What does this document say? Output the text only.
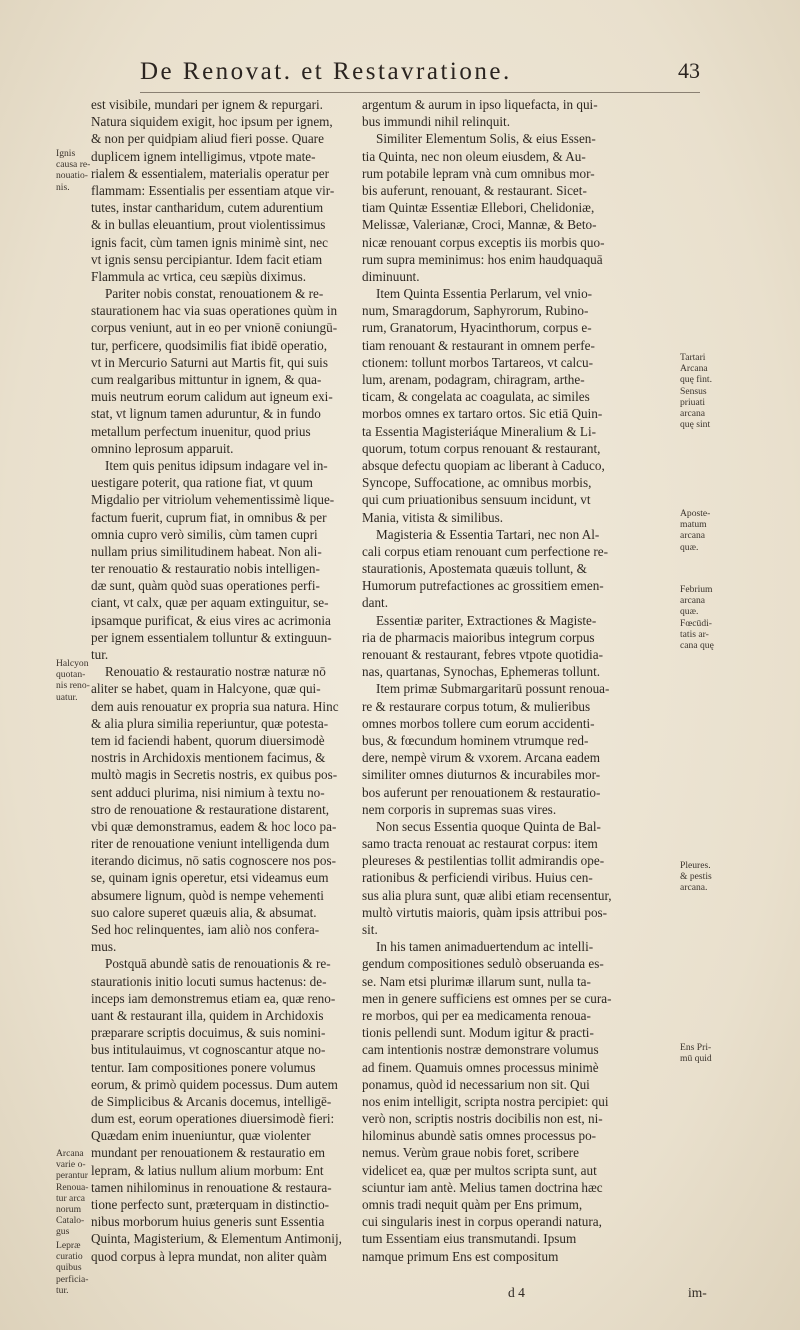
De Renovat. et Restavratione.	43
est visibile, mundari per ignem & repurgari.
Natura siquidem exigit, hoc ipsum per ignem,
& non per quidpiam aliud fieri posse. Quare
duplicem ignem intelligimus, vtpote mate-
rialem & essentialem, materialis operatur per
flammam: Essentialis per essentiam atque vir-
tutes, instar cantharidum, cutem adurentium
& in bullas eleuantium, prout violentissimus
ignis facit, cùm tamen ignis minimè sint, nec
vt ignis sensu percipiantur. Idem facit etiam
Flammula ac vrtica, ceu sæpiùs diximus.
Pariter nobis constat, renouationem & re-
staurationem hac via suas operationes quùm in
corpus veniunt, aut in eo per vnionē coniungū-
tur, perficere, quodsimilis fiat ibidē operatio,
vt in Mercurio Saturni aut Martis fit, qui suis
cum realgaribus mittuntur in ignem, & qua-
muis neutrum eorum calidum aut igneum exi-
stat, vt lignum tamen aduruntur, & in fundo
metallum perfectum inuenitur, quod prius
omnino leprosum apparuit.
Item quis penitus idipsum indagare vel in-
uestigare poterit, qua ratione fiat, vt quum
Migdalio per vitriolum vehementissimè lique-
factum fuerit, cuprum fiat, in omnibus & per
omnia cupro verò similis, cùm tamen cupri
nullam prius similitudinem habeat. Non ali-
ter renouatio & restauratio nobis intelligen-
dæ sunt, quàm quòd suas operationes perfi-
ciant, vt calx, quæ per aquam extinguitur, se-
ipsamque purificat, & eius vires ac acrimonia
per ignem essentialem tolluntur & extinguun-
tur.
Renouatio & restauratio nostræ naturæ nō
aliter se habet, quam in Halcyone, quæ qui-
dem auis renouatur ex propria sua natura. Hinc
& alia plura similia reperiuntur, quæ potesta-
tem id faciendi habent, quorum diuersimodè
nostris in Archidoxis mentionem facimus, &
multò magis in Secretis nostris, ex quibus pos-
sent adduci plurima, nisi nimium à textu no-
stro de renouatione & restauratione distarent,
vbi quæ demonstramus, eadem & hoc loco pa-
riter de renouatione veniunt intelligenda dum
iterando dicimus, nō satis cognoscere nos pos-
se, quinam ignis operetur, etsi videamus eum
absumere lignum, quòd is nempe vehementi
suo calore superet quæuis alia, & absumat.
Sed hoc relinquentes, iam aliò nos confera-
mus.
Postquā abundè satis de renouationis & re-
staurationis initio locuti sumus hactenus: de-
inceps iam demonstremus etiam ea, quæ reno-
uant & restaurant illa, quidem in Archidoxis
præparare scriptis docuimus, & suis nomini-
bus intitulauimus, vt cognoscantur atque no-
tentur. Iam compositiones ponere volumus
eorum, & primò quidem pocessus. Dum autem
de Simplicibus & Arcanis docemus, intelligē-
dum est, eorum operationes diuersimodè fieri:
Quædam enim inueniuntur, quæ violenter
mundant per renouationem & restauratio em
lepram, & latius nullum alium morbum: Ent
tamen nihilominus in renouatione & restaura-
tione perfecto sunt, præterquam in distinctio-
nibus morborum huius generis sunt Essentia
Quinta, Magisterium, & Elementum Antimonij,
quod corpus à lepra mundat, non aliter quàm
argentum & aurum in ipso liquefacta, in qui-
bus immundi nihil relinquit.
Similiter Elementum Solis, & eius Essen-
tia Quinta, nec non oleum eiusdem, & Au-
rum potabile lepram vnà cum omnibus mor-
bis auferunt, renouant, & restaurant. Sicet-
tiam Quintæ Essentiæ Ellebori, Chelidoniæ,
Melissæ, Valerianæ, Croci, Mannæ, & Beto-
nicæ renouant corpus exceptis iis morbis quo-
rum supra meminimus: hos enim haudquaquā
diminuunt.
Item Quinta Essentia Perlarum, vel vnio-
num, Smaragdorum, Saphyrorum, Rubino-
rum, Granatorum, Hyacinthorum, corpus e-
tiam renouant & restaurant in omnem perfe-
ctionem: tollunt morbos Tartareos, vt calcu-
lum, arenam, podagram, chiragram, arthe-
ticam, & congelata ac coagulata, ac similes
morbos omnes ex tartaro ortos. Sic etiā Quin-
ta Essentia Magisteriáque Mineralium & Li-
quorum, totum corpus renouant & restaurant,
absque defectu quopiam ac liberant à Caduco,
Syncope, Suffocatione, ac omnibus morbis,
qui cum priuationibus sensuum incidunt, vt
Mania, vitista & similibus.
Magisteria & Essentia Tartari, nec non Al-
cali corpus etiam renouant cum perfectione re-
staurationis, Apostemata quæuis tollunt, &
Humorum putrefactiones ac grossitiem emen-
dant.
Essentiæ pariter, Extractiones & Magiste-
ria de pharmacis maioribus integrum corpus
renouant & restaurant, febres vtpote quotidia-
nas, quartanas, Synochas, Ephemeras tollunt.
Item primæ Submargaritarū possunt renoua-
re & restaurare corpus totum, & mulieribus
omnes morbos tollere cum eorum accidenti-
bus, & fœcundum hominem vtrumque red-
dere, nempè virum & vxorem. Arcana eadem
similiter omnes diuturnos & incurabiles mor-
bos auferunt per renouationem & restauratio-
nem corporis in supremas suas vires.
Non secus Essentia quoque Quinta de Bal-
samo tracta renouat ac restaurat corpus: item
pleureses & pestilentias tollit admirandis ope-
rationibus & perficiendi viribus. Huius cen-
sus alia plura sunt, quæ alibi etiam recensentur,
multò virtutis maioris, quàm ipsis attribui pos-
sit.
In his tamen animaduertendum ac intelli-
gendum compositiones sedulò obseruanda es-
se. Nam etsi plurimæ illarum sunt, nulla ta-
men in genere sufficiens est omnes per se cura-
re morbos, qui per ea medicamenta renoua-
tionis pellendi sunt. Modum igitur & practi-
cam intentionis nostræ demonstrare volumus
ad finem. Quamuis omnes processus minimè
ponamus, quòd id necessarium non sit. Qui
nos enim intelligit, scripta nostra percipiet: qui
verò non, scriptis nostris docibilis non est, ni-
hilominus abundè satis omnes processus po-
nemus. Verùm graue nobis foret, scribere
videlicet ea, quæ per multos scripta sunt, aut
sciuntur iam antè. Melius tamen doctrina hæc
omnis tradi nequit quàm per Ens primum,
cui singularis inest in corpus operandi natura,
tum Essentiam eius transmutandi. Ipsum
namque primum Ens est compositum
Ignis
causa re-
nouatio-
nis.
Halcyon
quotan-
nis reno-
uatur.
Arcana
varie o-
perantur
Renoua-
tur arca
norum
Catalo-
gus
Lepræ
curatio
quibus
perficia-
tur.
Tartari
Arcana
quę fint.
Sensus
priuati
arcana
quę sint
Aposte-
matum
arcana
quæ.
Febrium
arcana
quæ.
Fœcūdi-
tatis ar-
cana quę
Pleures.
& pestis
arcana.
Ens Pri-
mū quid
d 4	im-
